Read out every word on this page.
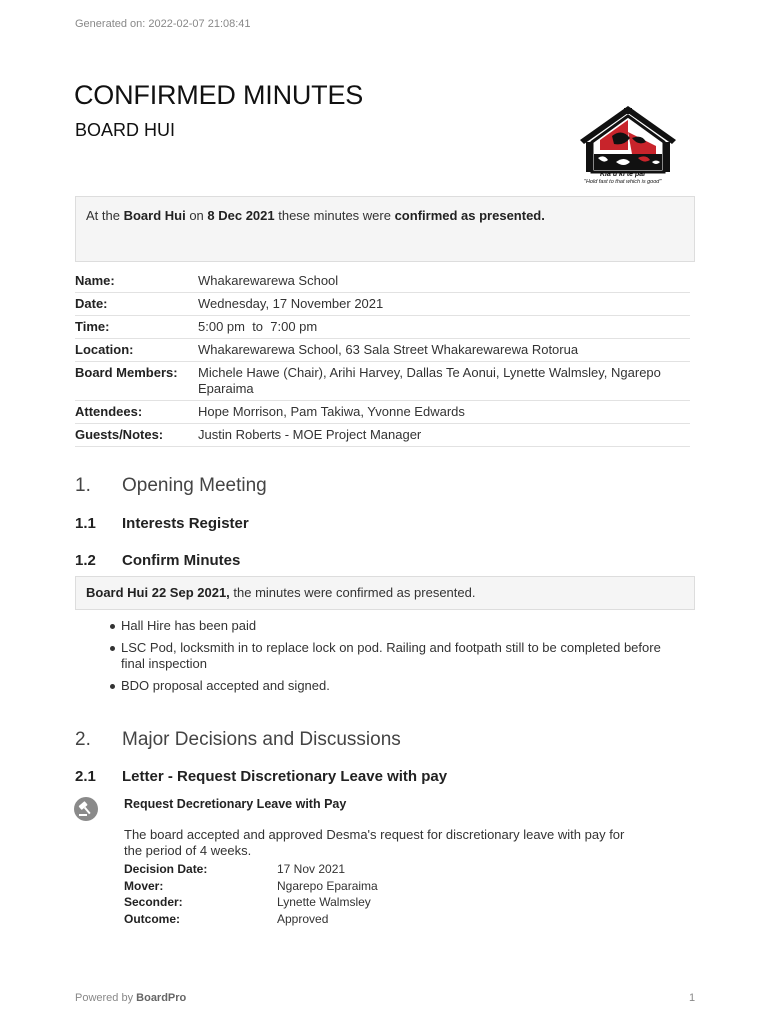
Generated on: 2022-02-07 21:08:41
CONFIRMED MINUTES
BOARD HUI
Kia u ki te pai
"Hold fast to that which is good"
At the Board Hui on 8 Dec 2021 these minutes were confirmed as presented.
Name:	Whakarewarewa School
Date:	Wednesday, 17 November 2021
Time:	5:00 pm  to  7:00 pm
Location:	Whakarewarewa School, 63 Sala Street Whakarewarewa Rotorua
Board Members:	Michele Hawe (Chair), Arihi Harvey, Dallas Te Aonui, Lynette Walmsley, Ngarepo Eparaima
Attendees:	Hope Morrison, Pam Takiwa, Yvonne Edwards
Guests/Notes:	Justin Roberts - MOE Project Manager
1. Opening Meeting
1.1 Interests Register
1.2 Confirm Minutes
Board Hui 22 Sep 2021, the minutes were confirmed as presented.
Hall Hire has been paid
LSC Pod, locksmith in to replace lock on pod. Railing and footpath still to be completed before final inspection
BDO proposal accepted and signed.
2. Major Decisions and Discussions
2.1 Letter - Request Discretionary Leave with pay
Request Decretionary Leave with Pay
The board accepted and approved Desma's request for discretionary leave with pay for the period of 4 weeks.
Decision Date:	17 Nov 2021
Mover:	Ngarepo Eparaima
Seconder:	Lynette Walmsley
Outcome:	Approved
Powered by BoardPro	1
